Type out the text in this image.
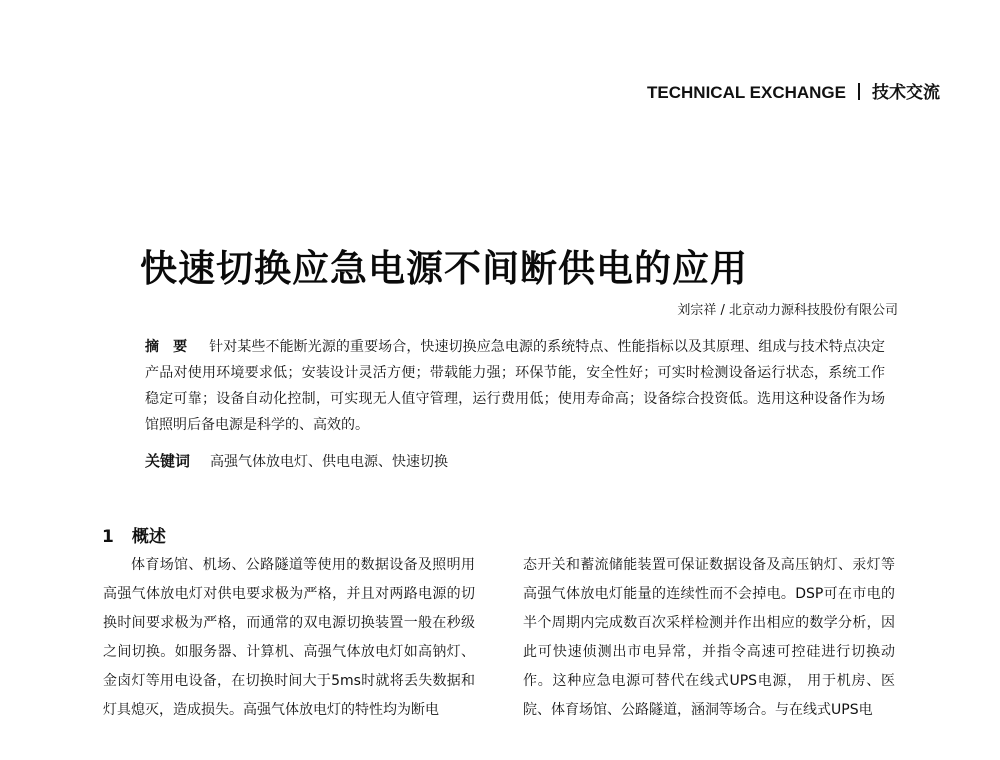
TECHNICAL EXCHANGE 技术交流
快速切换应急电源不间断供电的应用
刘宗祥 / 北京动力源科技股份有限公司
摘要 针对某些不能断光源的重要场合，快速切换应急电源的系统特点、性能指标以及其原理、组成与技术特点决定产品对使用环境要求低；安装设计灵活方便；带载能力强；环保节能，安全性好；可实时检测设备运行状态，系统工作稳定可靠；设备自动化控制，可实现无人值守管理，运行费用低；使用寿命高；设备综合投资低。选用这种设备作为场馆照明后备电源是科学的、高效的。
关键词 高强气体放电灯、供电电源、快速切换
1 概述

体育场馆、机场、公路隧道等使用的数据设备及照明用高强气体放电灯对供电要求极为严格，并且对两路电源的切换时间要求极为严格，而通常的双电源切换装置一般在秒级之间切换。如服务器、计算机、高强气体放电灯如高钠灯、金卤灯等用电设备，在切换时间大于5ms时就将丢失数据和灯具熄灭，造成损失。高强气体放电灯的特性均为断电

态开关和蓄流储能装置可保证数据设备及高压钠灯、汞灯等高强气体放电灯能量的连续性而不会掉电。DSP可在市电的半个周期内完成数百次采样检测并作出相应的数学分析，因此可快速侦测出市电异常，并指令高速可控硅进行切换动作。这种应急电源可替代在线式UPS电源， 用于机房、医院、体育场馆、公路隧道，涵洞等场合。与在线式UPS电
